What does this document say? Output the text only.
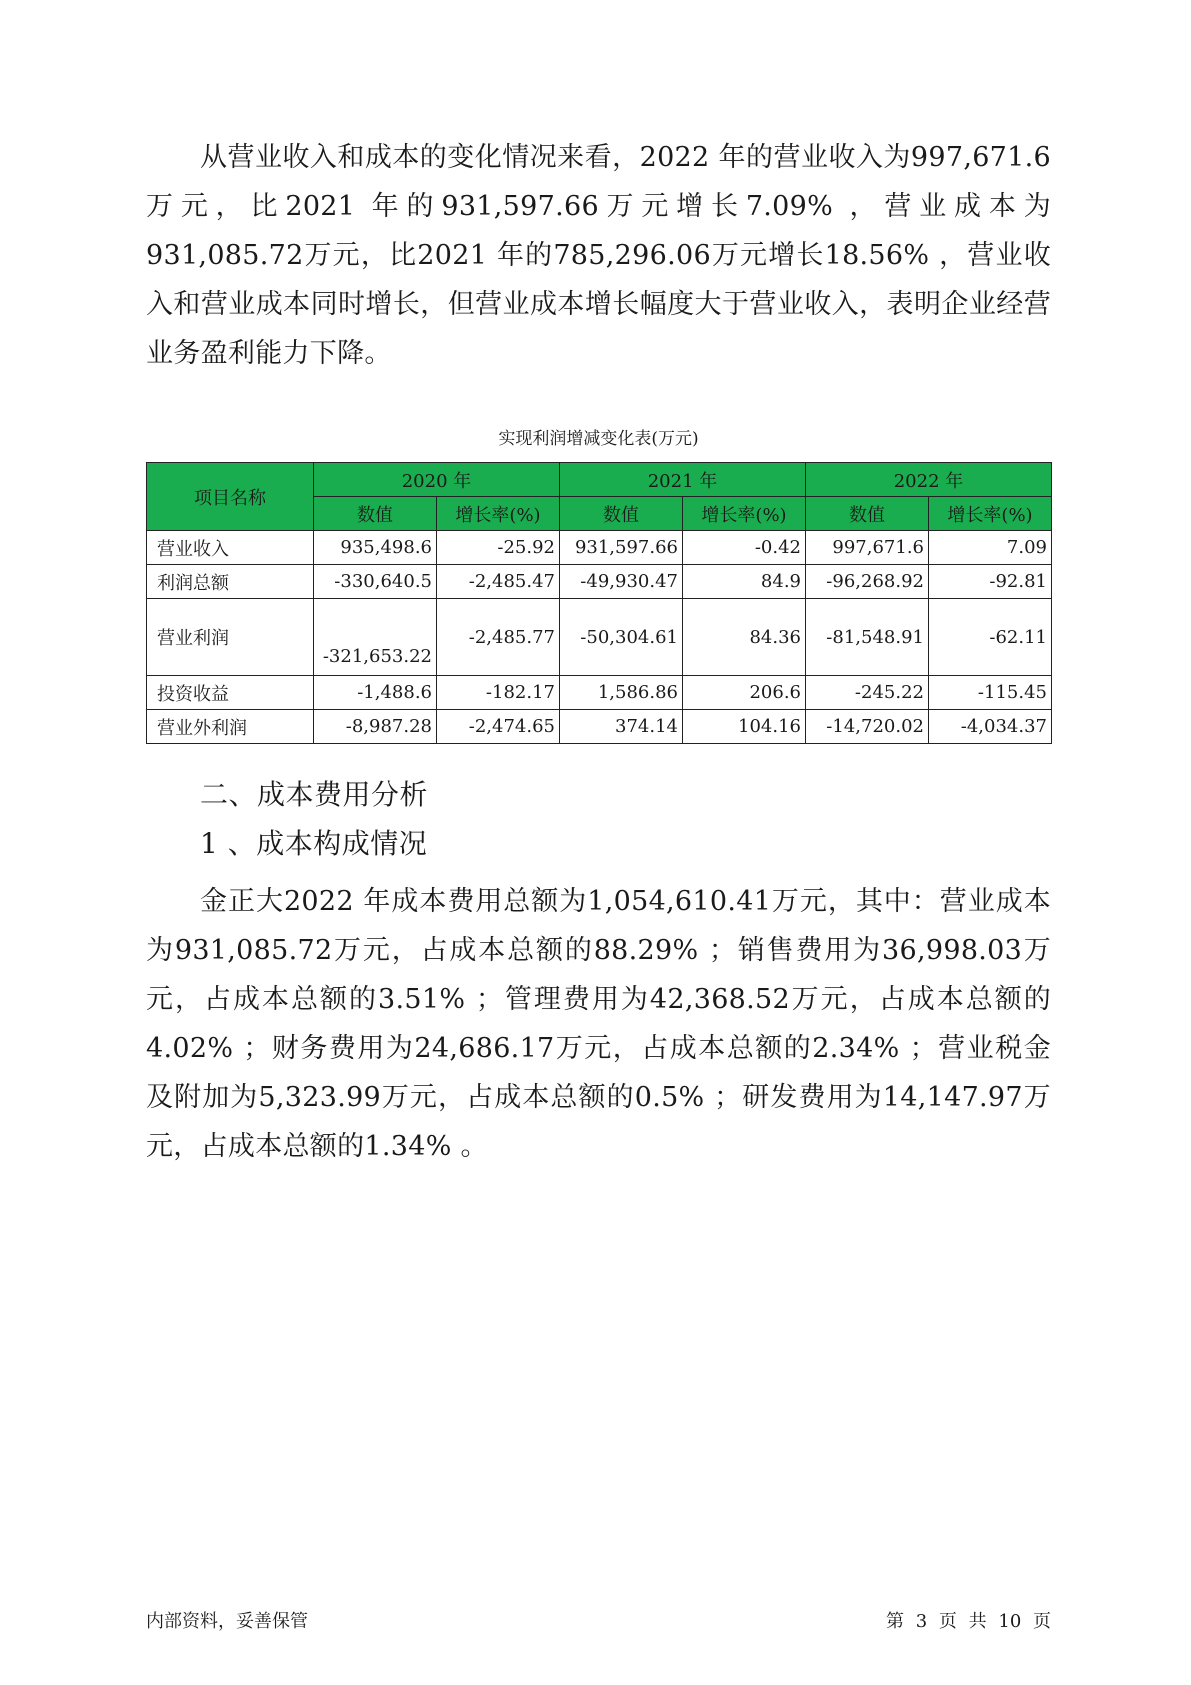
从营业收入和成本的变化情况来看，2022 年的营业收入为997,671.6万元，比2021 年的931,597.66万元增长7.09% ，营业成本为931,085.72万元，比2021 年的785,296.06万元增长18.56% ，营业收入和营业成本同时增长，但营业成本增长幅度大于营业收入，表明企业经营业务盈利能力下降。

实现利润增减变化表(万元)

项目名称	2020 年		2021 年		2022 年	
	数值	增长率(%)	数值	增长率(%)	数值	增长率(%)
营业收入	935,498.6	-25.92	931,597.66	-0.42	997,671.6	7.09
利润总额	-330,640.5	-2,485.47	-49,930.47	84.9	-96,268.92	-92.81
营业利润	-321,653.22	-2,485.77	-50,304.61	84.36	-81,548.91	-62.11
投资收益	-1,488.6	-182.17	1,586.86	206.6	-245.22	-115.45
营业外利润	-8,987.28	-2,474.65	374.14	104.16	-14,720.02	-4,034.37

二、成本费用分析

1 、成本构成情况

金正大2022 年成本费用总额为1,054,610.41万元，其中：营业成本为931,085.72万元，占成本总额的88.29% ；销售费用为36,998.03万元，占成本总额的3.51% ；管理费用为42,368.52万元，占成本总额的4.02% ；财务费用为24,686.17万元，占成本总额的2.34% ；营业税金及附加为5,323.99万元，占成本总额的0.5% ；研发费用为14,147.97万元，占成本总额的1.34% 。

内部资料，妥善保管	第 3 页 共 10 页
